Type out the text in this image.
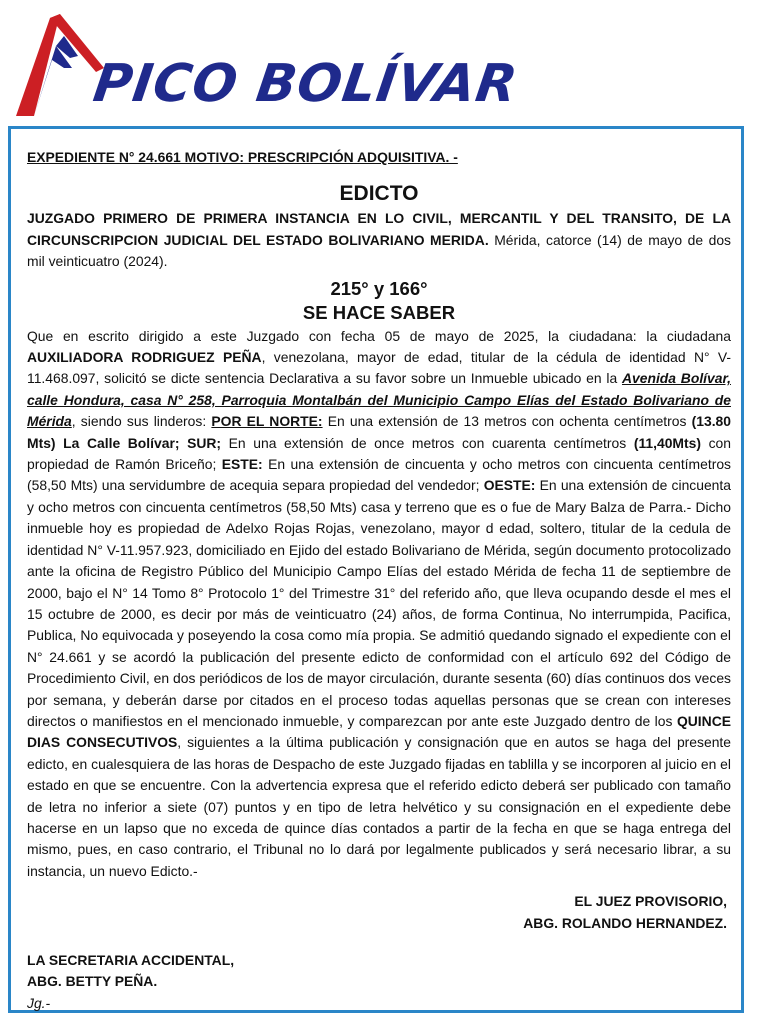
PICO BOLÍVAR

EXPEDIENTE N° 24.661 MOTIVO: PRESCRIPCIÓN ADQUISITIVA. -

EDICTO

JUZGADO PRIMERO DE PRIMERA INSTANCIA EN LO CIVIL, MERCANTIL Y DEL TRANSITO, DE LA CIRCUNSCRIPCION JUDICIAL DEL ESTADO BOLIVARIANO MERIDA. Mérida, catorce (14) de mayo de dos mil veinticuatro (2024).

215° y 166°
SE HACE SABER

Que en escrito dirigido a este Juzgado con fecha 05 de mayo de 2025, la ciudadana: la ciudadana AUXILIADORA RODRIGUEZ PEÑA, venezolana, mayor de edad, titular de la cédula de identidad N° V-11.468.097, solicitó se dicte sentencia Declarativa a su favor sobre un Inmueble ubicado en la Avenida Bolívar, calle Hondura, casa N° 258, Parroquia Montalbán del Municipio Campo Elías del Estado Bolivariano de Mérida, siendo sus linderos: POR EL NORTE: En una extensión de 13 metros con ochenta centímetros (13.80 Mts) La Calle Bolívar; SUR; En una extensión de once metros con cuarenta centímetros (11,40Mts) con propiedad de Ramón Briceño; ESTE: En una extensión de cincuenta y ocho metros con cincuenta centímetros (58,50 Mts) una servidumbre de acequia separa propiedad del vendedor; OESTE: En una extensión de cincuenta y ocho metros con cincuenta centímetros (58,50 Mts) casa y terreno que es o fue de Mary Balza de Parra.- Dicho inmueble hoy es propiedad de Adelxo Rojas Rojas, venezolano, mayor d edad, soltero, titular de la cedula de identidad N° V-11.957.923, domiciliado en Ejido del estado Bolivariano de Mérida, según documento protocolizado ante la oficina de Registro Público del Municipio Campo Elías del estado Mérida de fecha 11 de septiembre de 2000, bajo el N° 14 Tomo 8° Protocolo 1° del Trimestre 31° del referido año, que lleva ocupando desde el mes el 15 octubre de 2000, es decir por más de veinticuatro (24) años, de forma Continua, No interrumpida, Pacifica, Publica, No equivocada y poseyendo la cosa como mía propia. Se admitió quedando signado el expediente con el N° 24.661 y se acordó la publicación del presente edicto de conformidad con el artículo 692 del Código de Procedimiento Civil, en dos periódicos de los de mayor circulación, durante sesenta (60) días continuos dos veces por semana, y deberán darse por citados en el proceso todas aquellas personas que se crean con intereses directos o manifiestos en el mencionado inmueble, y comparezcan por ante este Juzgado dentro de los QUINCE DIAS CONSECUTIVOS, siguientes a la última publicación y consignación que en autos se haga del presente edicto, en cualesquiera de las horas de Despacho de este Juzgado fijadas en tablilla y se incorporen al juicio en el estado en que se encuentre. Con la advertencia expresa que el referido edicto deberá ser publicado con tamaño de letra no inferior a siete (07) puntos y en tipo de letra helvético y su consignación en el expediente debe hacerse en un lapso que no exceda de quince días contados a partir de la fecha en que se haga entrega del mismo, pues, en caso contrario, el Tribunal no lo dará por legalmente publicados y será necesario librar, a su instancia, un nuevo Edicto.-

EL JUEZ PROVISORIO,
ABG. ROLANDO HERNANDEZ.
LA SECRETARIA ACCIDENTAL,
ABG. BETTY PEÑA.
Jg.-
